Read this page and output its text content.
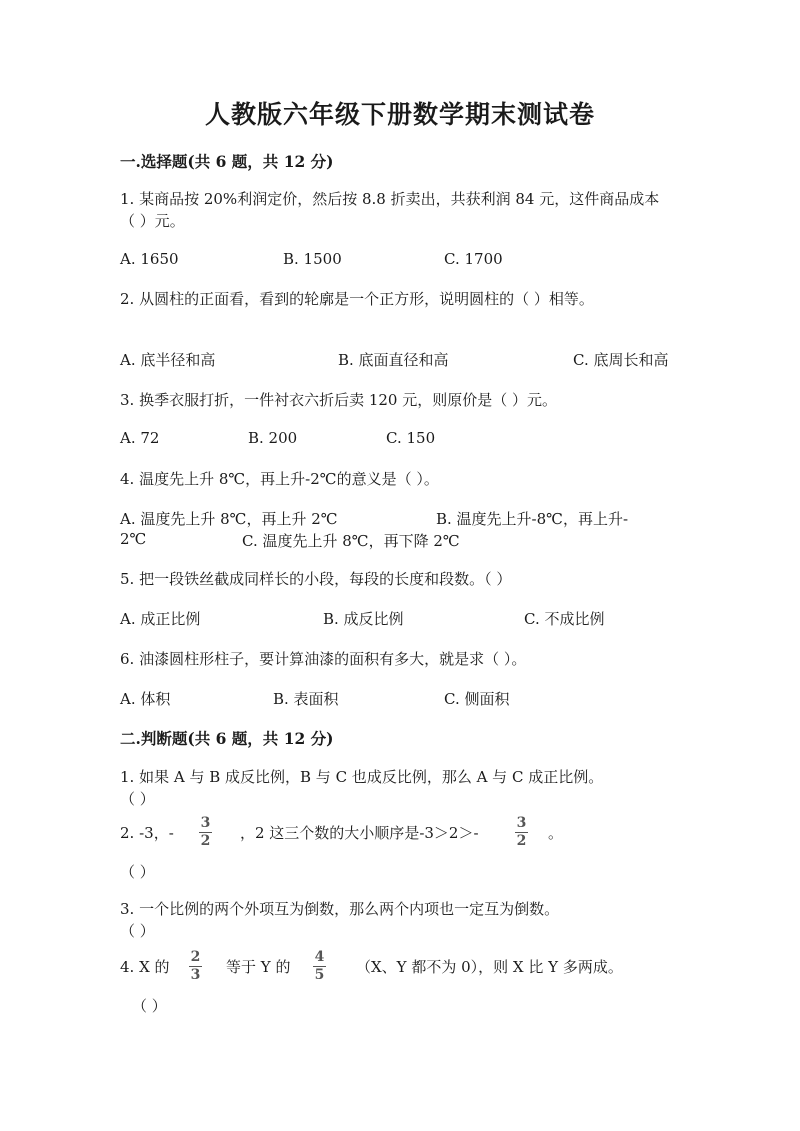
人教版六年级下册数学期末测试卷
一.选择题(共 6 题，共 12 分)
1. 某商品按 20%利润定价，然后按 8.8 折卖出，共获利润 84 元，这件商品成本
（ ）元。
A. 1650	B. 1500	C. 1700
2. 从圆柱的正面看，看到的轮廓是一个正方形，说明圆柱的（ ）相等。
A. 底半径和高	B. 底面直径和高	C. 底周长和高
3. 换季衣服打折，一件衬衣六折后卖 120 元，则原价是（ ）元。
A. 72	B. 200	C. 150
4. 温度先上升 8℃，再上升-2℃的意义是（ ）。
A. 温度先上升 8℃，再上升 2℃	B. 温度先上升-8℃，再上升-
2℃	C. 温度先上升 8℃，再下降 2℃
5. 把一段铁丝截成同样长的小段，每段的长度和段数。（ ）
A. 成正比例	B. 成反比例	C. 不成比例
6. 油漆圆柱形柱子，要计算油漆的面积有多大，就是求（ ）。
A. 体积	B. 表面积	C. 侧面积
二.判断题(共 6 题，共 12 分)
1. 如果 A 与 B 成反比例，B 与 C 也成反比例，那么 A 与 C 成正比例。
（ ）
2. -3，-
3
2 ，2 这三个数的大小顺序是-3＞2＞-
3
2 。
（ ）
3. 一个比例的两个外项互为倒数，那么两个内项也一定互为倒数。
（ ）
4. X 的
2
3 等于 Y 的
4
5 （X、Y 都不为 0），则 X 比 Y 多两成。
（ ）
